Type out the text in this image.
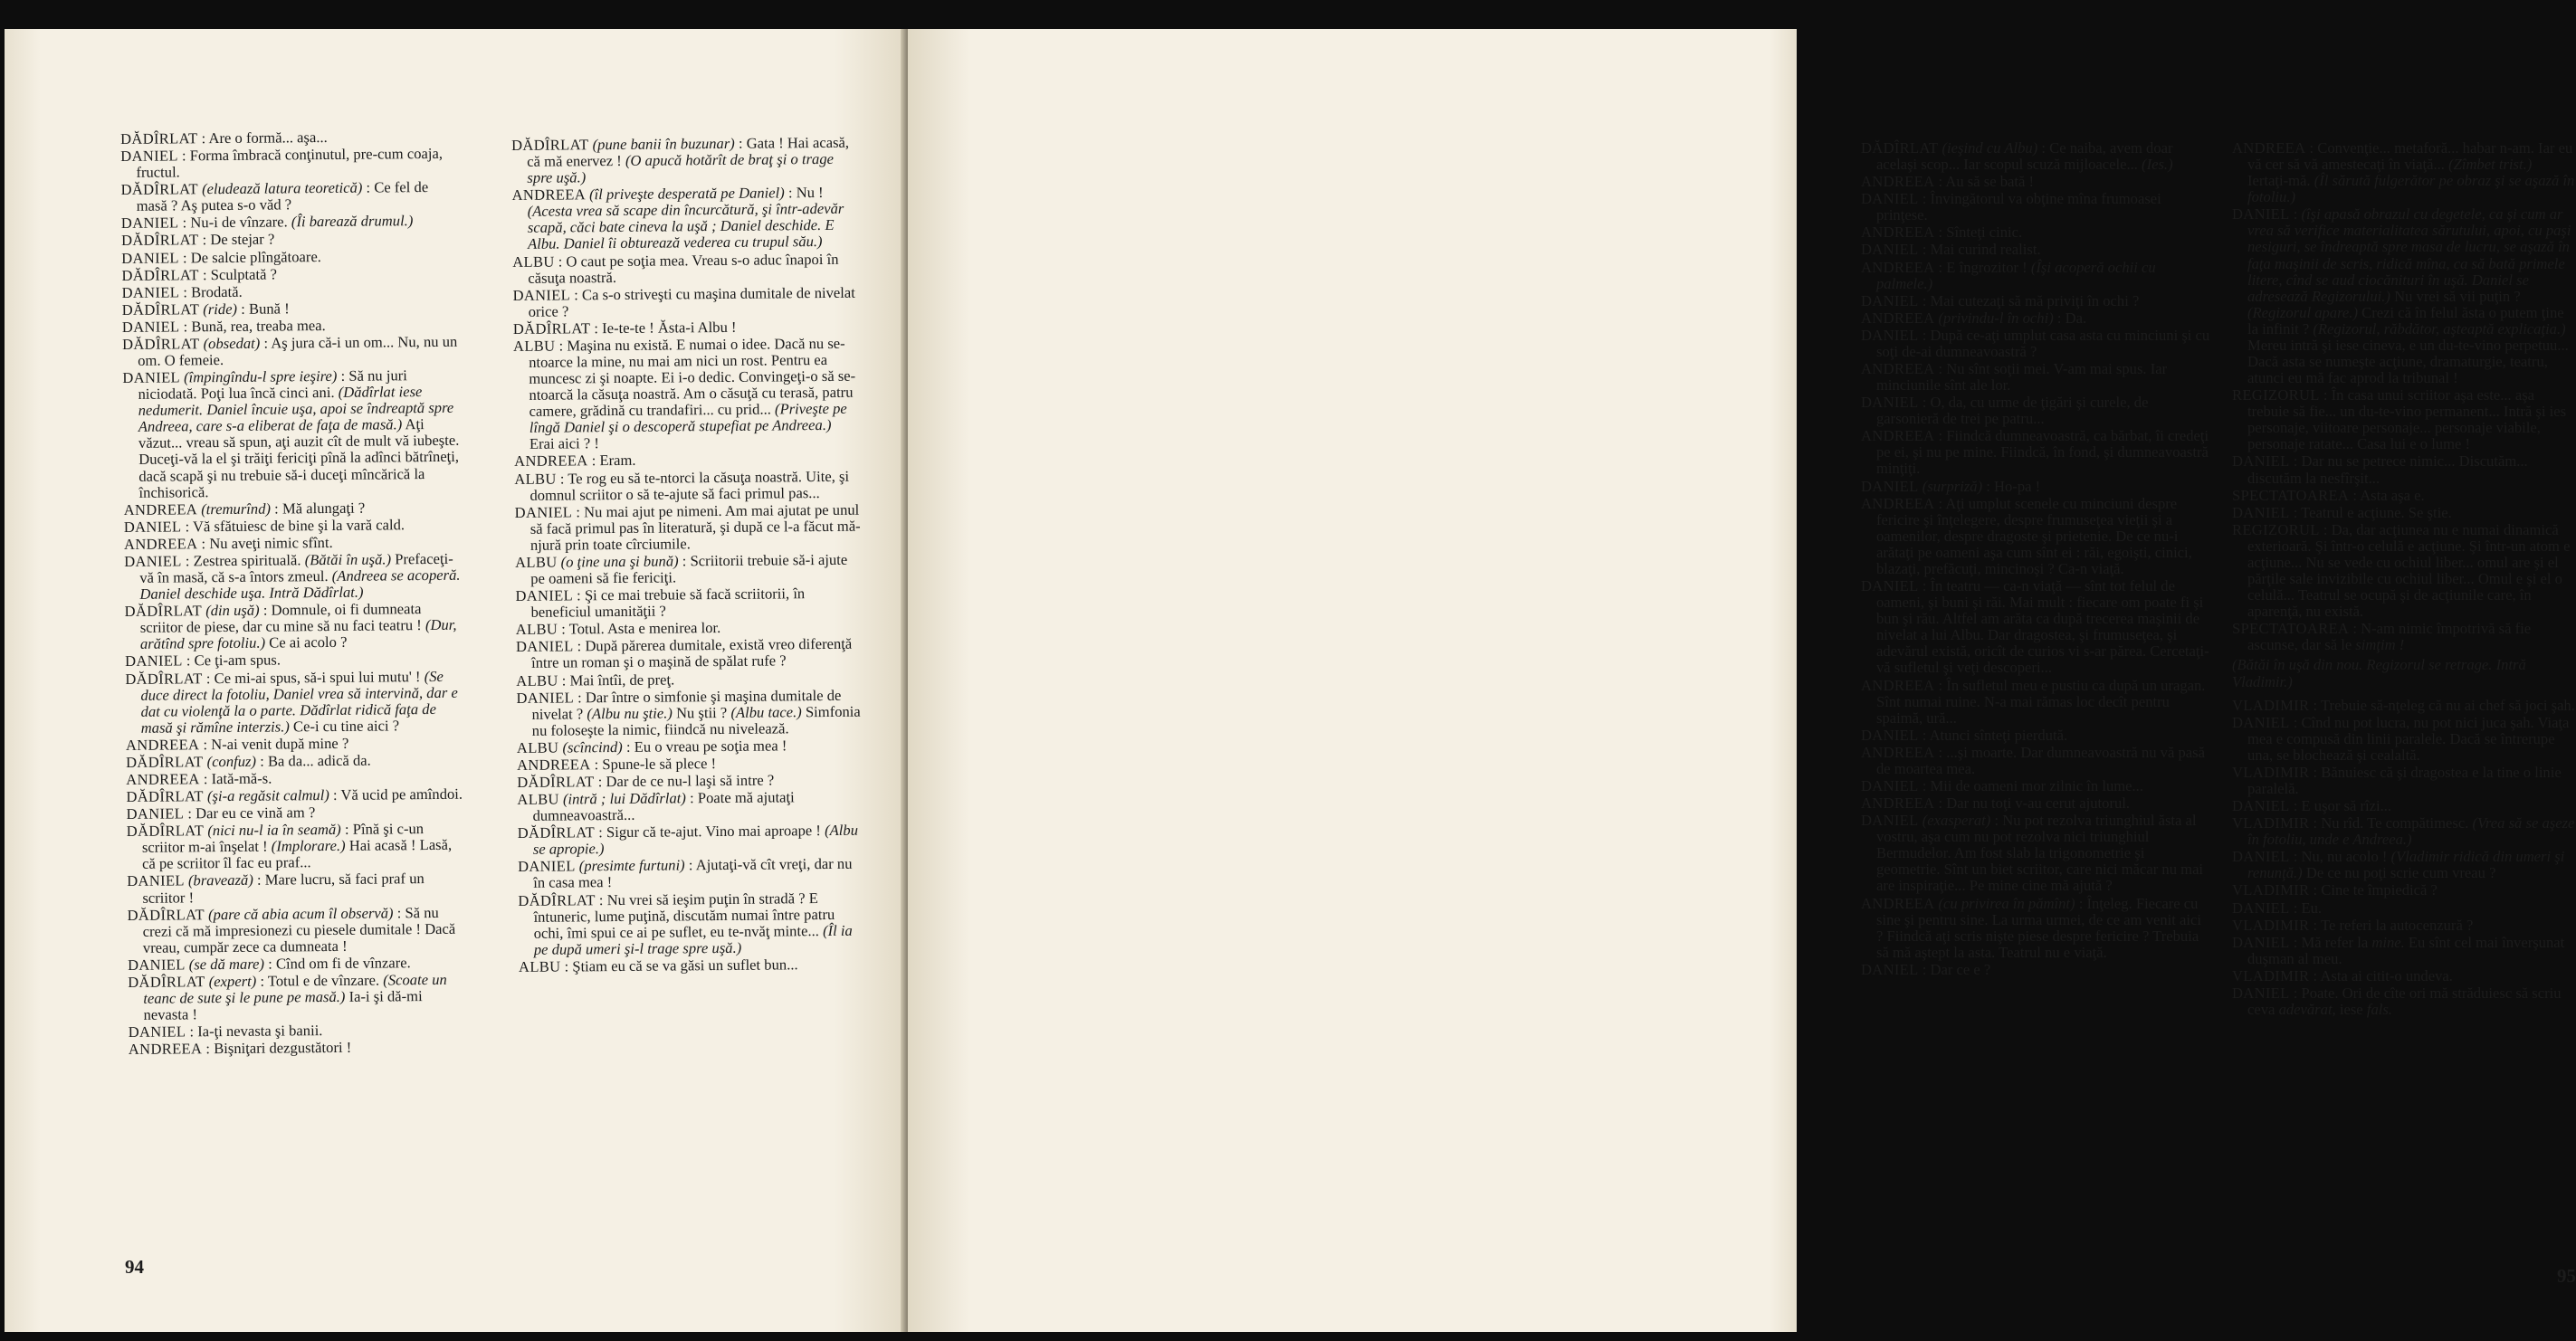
DĂDÎRLAT : Are o formă... aşa...

DANIEL : Forma îmbracă conţinutul, pre-cum coaja, fructul.

DĂDÎRLAT (eludează latura teoretică) : Ce fel de masă ? Aş putea s-o văd ?

DANIEL : Nu-i de vînzare. (Îi barează drumul.)

DĂDÎRLAT : De stejar ?

DANIEL : De salcie plîngătoare.

DĂDÎRLAT : Sculptată ?

DANIEL : Brodată.

DĂDÎRLAT (ride) : Bună !

DANIEL : Bună, rea, treaba mea.

DĂDÎRLAT (obsedat) : Aş jura că-i un om... Nu, nu un om. O femeie.

DANIEL (împingîndu-l spre ieşire) : Să nu juri niciodată. Poţi lua încă cinci ani. (Dădîrlat iese nedumerit. Daniel încuie uşa, apoi se îndreaptă spre Andreea, care s-a eliberat de faţa de masă.) Aţi văzut... vreau să spun, aţi auzit cît de mult vă iubeşte. Duceţi-vă la el şi trăiţi fericiţi pînă la adînci bătrîneţi, dacă scapă şi nu trebuie să-i duceţi mîncărică la închisorică.

ANDREEA (tremurînd) : Mă alungaţi ?

DANIEL : Vă sfătuiesc de bine şi la vară cald.

ANDREEA : Nu aveţi nimic sfînt.

DANIEL : Zestrea spirituală. (Bătăi în uşă.) Prefaceţi-vă în masă, că s-a întors zmeul. (Andreea se acoperă. Daniel deschide uşa. Intră Dădîrlat.)

DĂDÎRLAT (din uşă) : Domnule, oi fi dumneata scriitor de piese, dar cu mine să nu faci teatru ! (Dur, arătînd spre fotoliu.) Ce ai acolo ?

DANIEL : Ce ţi-am spus.

DĂDÎRLAT : Ce mi-ai spus, să-i spui lui mutu' ! (Se duce direct la fotoliu, Daniel vrea să intervină, dar e dat cu violenţă la o parte. Dădîrlat ridică faţa de masă şi rămîne interzis.) Ce-i cu tine aici ?

ANDREEA : N-ai venit după mine ?

DĂDÎRLAT (confuz) : Ba da... adică da.

ANDREEA : Iată-mă-s.

DĂDÎRLAT (şi-a regăsit calmul) : Vă ucid pe amîndoi.

DANIEL : Dar eu ce vină am ?

DĂDÎRLAT (nici nu-l ia în seamă) : Pînă şi c-un scriitor m-ai înşelat ! (Implorare.) Hai acasă ! Lasă, că pe scriitor îl fac eu praf...

DANIEL (bravează) : Mare lucru, să faci praf un scriitor !

DĂDÎRLAT (pare că abia acum îl observă) : Să nu crezi că mă impresionezi cu piesele dumitale ! Dacă vreau, cumpăr zece ca dumneata !

DANIEL (se dă mare) : Cînd om fi de vînzare.

DĂDÎRLAT (expert) : Totul e de vînzare. (Scoate un teanc de sute şi le pune pe masă.) Ia-i şi dă-mi nevasta !

DANIEL : Ia-ţi nevasta şi banii.

ANDREEA : Bişniţari dezgustători !

DĂDÎRLAT (pune banii în buzunar) : Gata ! Hai acasă, că mă enervez ! (O apucă hotărît de braţ şi o trage spre uşă.)

ANDREEA (îl priveşte desperată pe Daniel) : Nu ! (Acesta vrea să scape din încurcătură, şi într-adevăr scapă, căci bate cineva la uşă ; Daniel deschide. E Albu. Daniel îi obturează vederea cu trupul său.)

ALBU : O caut pe soţia mea. Vreau s-o aduc înapoi în căsuţa noastră.

DANIEL : Ca s-o striveşti cu maşina dumitale de nivelat orice ?

DĂDÎRLAT : Ie-te-te ! Ăsta-i Albu !

ALBU : Maşina nu există. E numai o idee. Dacă nu se-ntoarce la mine, nu mai am nici un rost. Pentru ea muncesc zi şi noapte. Ei i-o dedic. Convingeţi-o să se-ntoarcă la căsuţa noastră. Am o căsuţă cu terasă, patru camere, grădină cu trandafiri... cu prid... (Priveşte pe lîngă Daniel şi o descoperă stupefiat pe Andreea.) Erai aici ? !

ANDREEA : Eram.

ALBU : Te rog eu să te-ntorci la căsuţa noastră. Uite, şi domnul scriitor o să te-ajute să faci primul pas...

DANIEL : Nu mai ajut pe nimeni. Am mai ajutat pe unul să facă primul pas în literatură, şi după ce l-a făcut mă-njură prin toate cîrciumile.

ALBU (o ţine una şi bună) : Scriitorii trebuie să-i ajute pe oameni să fie fericiţi.

DANIEL : Şi ce mai trebuie să facă scriitorii, în beneficiul umanităţii ?

ALBU : Totul. Asta e menirea lor.

DANIEL : După părerea dumitale, există vreo diferenţă între un roman şi o maşină de spălat rufe ?

ALBU : Mai întîi, de preţ.

DANIEL : Dar între o simfonie şi maşina dumitale de nivelat ? (Albu nu ştie.) Nu ştii ? (Albu tace.) Simfonia nu foloseşte la nimic, fiindcă nu nivelează.

ALBU (scîncind) : Eu o vreau pe soţia mea !

ANDREEA : Spune-le să plece !

DĂDÎRLAT : Dar de ce nu-l laşi să intre ?

ALBU (intră ; lui Dădîrlat) : Poate mă ajutaţi dumneavoastră...

DĂDÎRLAT : Sigur că te-ajut. Vino mai aproape ! (Albu se apropie.)

DANIEL (presimte furtuni) : Ajutaţi-vă cît vreţi, dar nu în casa mea !

DĂDÎRLAT : Nu vrei să ieşim puţin în stradă ? E întuneric, lume puţină, discutăm numai între patru ochi, îmi spui ce ai pe suflet, eu te-nvăţ minte... (Îl ia pe după umeri şi-l trage spre uşă.)

ALBU : Ştiam eu că se va găsi un suflet bun...

94

DĂDÎRLAT (ieşind cu Albu) : Ce naiba, avem doar acelaşi scop... Iar scopul scuză mijloacele... (Ies.)

ANDREEA : Au să se bată !

DANIEL : Învingătorul va obţine mîna frumoasei prinţese.

ANDREEA : Sînteţi cinic.

DANIEL : Mai curind realist.

ANDREEA : E îngrozitor ! (Îşi acoperă ochii cu palmele.)

DANIEL : Mai cutezaţi să mă priviţi în ochi ?

ANDREEA (privindu-l în ochi) : Da.

DANIEL : După ce-aţi umplut casa asta cu minciuni şi cu soţi de-ai dumneavoastră ?

ANDREEA : Nu sînt soţii mei. V-am mai spus. Iar minciunile sînt ale lor.

DANIEL : O, da, cu urme de ţigări şi curele, de garsonieră de trei pe patru...

ANDREEA : Fiindcă dumneavoastră, ca bărbat, îi credeţi pe ei, şi nu pe mine. Fiindcă, în fond, şi dumneavoastră minţiţi.

DANIEL (surpriză) : Ho-pa !

ANDREEA : Aţi umplut scenele cu minciuni despre fericire şi înţelegere, despre frumuseţea vieţii şi a oamenilor, despre dragoste şi prietenie. De ce nu-i arătaţi pe oameni aşa cum sînt ei : răi, egoişti, cinici, blazaţi, prefăcuţi, mincinoşi ? Ca-n viaţă.

DANIEL : În teatru — ca-n viaţă — sînt tot felul de oameni, şi buni şi răi. Mai mult : fiecare om poate fi şi bun şi rău. Altfel am arăta ca după trecerea maşinii de nivelat a lui Albu. Dar dragostea, şi frumuseţea, şi adevărul există, oricît de curios vi s-ar părea. Cercetaţi-vă sufletul şi veţi descoperi...

ANDREEA : În sufletul meu e pustiu ca după un uragan. Sînt numai ruine. N-a mai rămas loc decît pentru spaimă, ură...

DANIEL : Atunci sînteţi pierdută.

ANDREEA : ...şi moarte. Dar dumneavoastră nu vă pasă de moartea mea.

DANIEL : Mii de oameni mor zilnic în lume...

ANDREEA : Dar nu toţi v-au cerut ajutorul.

DANIEL (exasperat) : Nu pot rezolva triunghiul ăsta al vostru, aşa cum nu pot rezolva nici triunghiul Bermudelor. Am fost slab la trigonometrie şi geometrie. Sînt un biet scriitor, care nici măcar nu mai are inspiraţie... Pe mine cine mă ajută ?

ANDREEA (cu privirea în pămînt) : Înţeleg. Fiecare cu sine şi pentru sine. La urma urmei, de ce am venit aici ? Fiindcă aţi scris nişte piese despre fericire ? Trebuia să mă aştept la asta. Teatrul nu e viaţă.

DANIEL : Dar ce e ?

ANDREEA : Convenţie... metaforă... habar n-am. Iar eu vă cer să vă amestecaţi în viaţă... (Zîmbet trist.) Iertaţi-mă. (Îl sărută fulgerător pe obraz şi se aşază în fotoliu.)

DANIEL : (îşi apasă obrazul cu degetele, ca şi cum ar vrea să verifice materialitatea sărutului, apoi, cu paşi nesiguri, se îndreaptă spre masa de lucru, se aşază în faţa maşinii de scris, ridică mîna, ca să bată primele litere, cînd se aud ciocănituri în uşă. Daniel se adresează Regizorului.) Nu vrei să vii puţin ? (Regizorul apare.) Crezi că în felul ăsta o putem ţine la infinit ? (Regizorul, răbdător, aşteaptă explicaţia.) Mereu intră şi iese cineva, e un du-te-vino perpetuu... Dacă asta se numeşte acţiune, dramaturgie, teatru, atunci eu mă fac aprod la tribunal !

REGIZORUL : În casa unui scriitor aşa este... aşa trebuie să fie... un du-te-vino permanent... Intră şi ies personaje, viitoare personaje... personaje viabile, personaje ratate... Casa lui e o lume !

DANIEL : Dar nu se petrece nimic... Discutăm... discutăm la nesfîrşit...

SPECTATOAREA : Asta aşa e.

DANIEL : Teatrul e acţiune. Se ştie.

REGIZORUL : Da, dar acţiunea nu e numai dinamică exterioară. Şi într-o celulă e acţiune. Şi într-un atom e acţiune... Nu se vede cu ochiul liber... omul are şi el părţile sale invizibile cu ochiul liber... Omul e şi el o celulă... Teatrul se ocupă şi de acţiunile care, în aparenţă, nu există.

SPECTATOAREA : N-am nimic împotrivă să fie ascunse, dar să le simţim !

(Bătăi în uşă din nou. Regizorul se retrage. Intră Vladimir.)

VLADIMIR : Trebuie să-nţeleg că nu ai chef să joci şah.

DANIEL : Cînd nu pot lucra, nu pot nici juca şah. Viaţa mea e compusă din linii paralele. Dacă se întrerupe una, se blochează şi cealaltă.

VLADIMIR : Bănuiesc că şi dragostea e la tine o linie paralelă.

DANIEL : E uşor să rîzi...

VLADIMIR : Nu rîd. Te compătimesc. (Vrea să se aşeze în fotoliu, unde e Andreea.)

DANIEL : Nu, nu acolo ! (Vladimir ridică din umeri şi renunţă.) De ce nu poţi scrie cum vreau ?

VLADIMIR : Cine te împiedică ?

DANIEL : Eu.

VLADIMIR : Te referi la autocenzură ?

DANIEL : Mă refer la mine. Eu sînt cel mai înverşunat duşman al meu.

VLADIMIR : Asta ai citit-o undeva.

DANIEL : Poate. Ori de cîte ori mă străduiesc să scriu ceva adevărat, iese fals.

95
